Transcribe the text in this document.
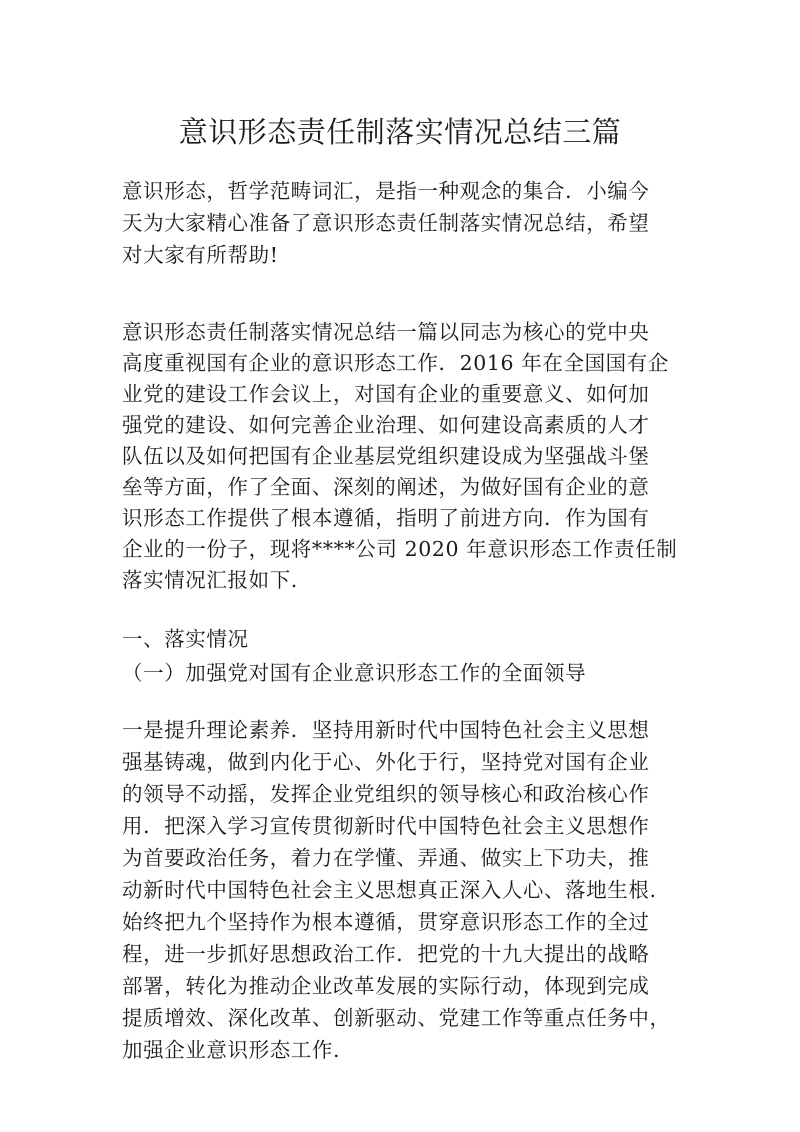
意识形态责任制落实情况总结三篇
意识形态，哲学范畴词汇，是指一种观念的集合．小编今
天为大家精心准备了意识形态责任制落实情况总结，希望
对大家有所帮助!
意识形态责任制落实情况总结一篇以同志为核心的党中央
高度重视国有企业的意识形态工作．2016 年在全国国有企
业党的建设工作会议上，对国有企业的重要意义、如何加
强党的建设、如何完善企业治理、如何建设高素质的人才
队伍以及如何把国有企业基层党组织建设成为坚强战斗堡
垒等方面，作了全面、深刻的阐述，为做好国有企业的意
识形态工作提供了根本遵循，指明了前进方向．作为国有
企业的一份子，现将****公司 2020 年意识形态工作责任制
落实情况汇报如下.
一、落实情况
（一）加强党对国有企业意识形态工作的全面领导
一是提升理论素养．坚持用新时代中国特色社会主义思想
强基铸魂，做到内化于心、外化于行，坚持党对国有企业
的领导不动摇，发挥企业党组织的领导核心和政治核心作
用．把深入学习宣传贯彻新时代中国特色社会主义思想作
为首要政治任务，着力在学懂、弄通、做实上下功夫，推
动新时代中国特色社会主义思想真正深入人心、落地生根.
始终把九个坚持作为根本遵循，贯穿意识形态工作的全过
程，进一步抓好思想政治工作．把党的十九大提出的战略
部署，转化为推动企业改革发展的实际行动，体现到完成
提质增效、深化改革、创新驱动、党建工作等重点任务中，
加强企业意识形态工作.
